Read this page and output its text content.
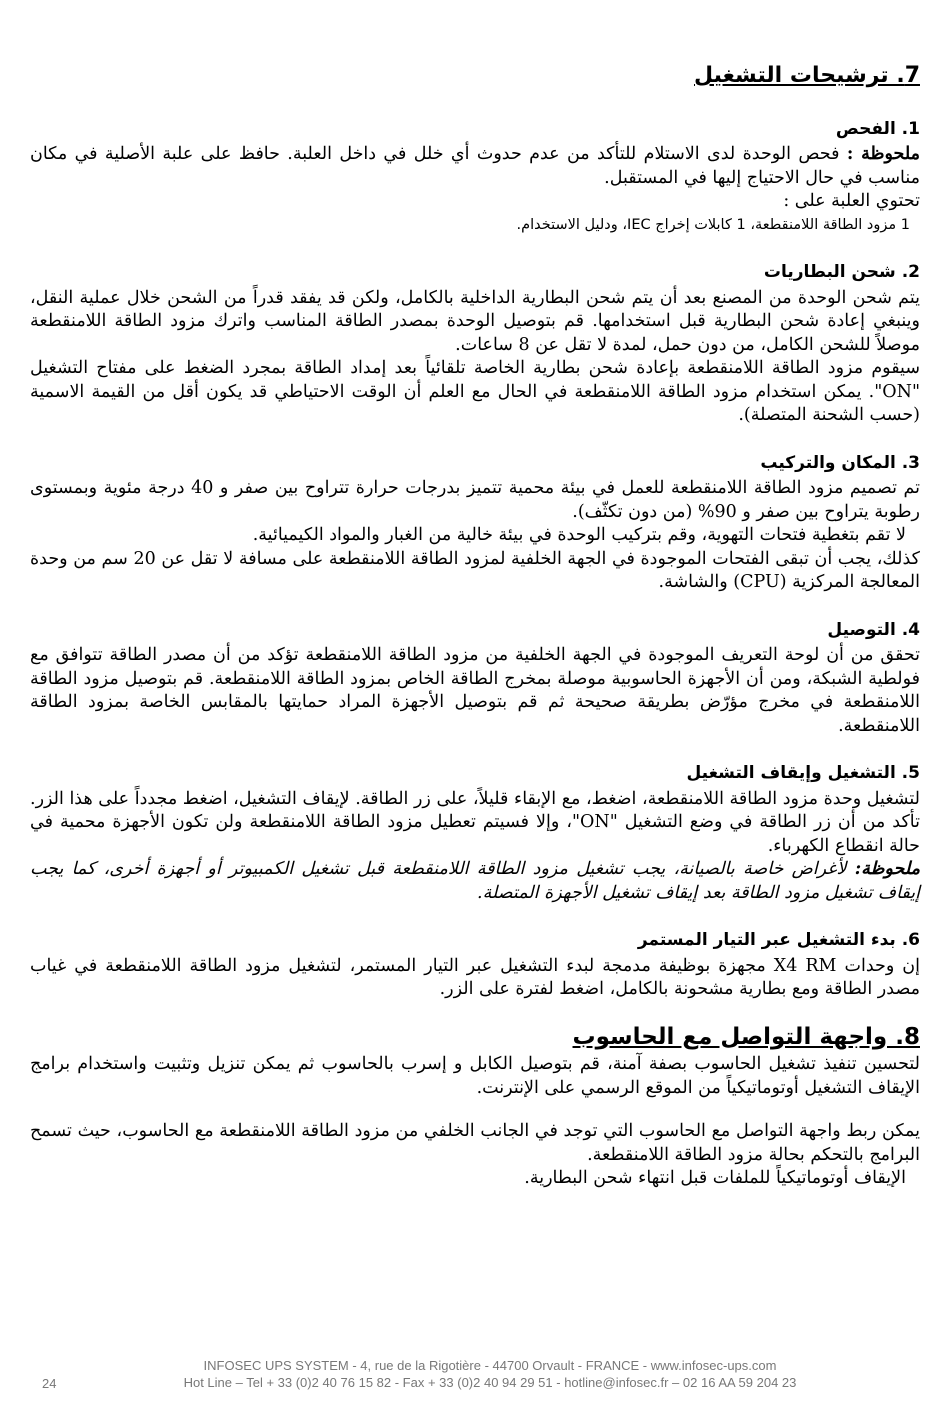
7. ترشيحات التشغيل
1. الفحص

ملحوظة : فحص الوحدة لدى الاستلام للتأكد من عدم حدوث أي خلل في داخل العلبة. حافظ على علبة الأصلية في مكان مناسب في حال الاحتياج إليها في المستقبل.

تحتوي العلبة على :

1 مزود الطاقة اللامنقطعة، 1 كابلات إخراج IEC، ودليل الاستخدام.

2. شحن البطاريات

يتم شحن الوحدة من المصنع بعد أن يتم شحن البطارية الداخلية بالكامل، ولكن قد يفقد قدراً من الشحن خلال عملية النقل، وينبغي إعادة شحن البطارية قبل استخدامها. قم بتوصيل الوحدة بمصدر الطاقة المناسب واترك مزود الطاقة اللامنقطعة موصلاً للشحن الكامل، من دون حمل، لمدة لا تقل عن 8 ساعات.

سيقوم مزود الطاقة اللامنقطعة بإعادة شحن بطارية الخاصة تلقائياً بعد إمداد الطاقة بمجرد الضغط على مفتاح التشغيل "ON". يمكن استخدام مزود الطاقة اللامنقطعة في الحال مع العلم أن الوقت الاحتياطي قد يكون أقل من القيمة الاسمية (حسب الشحنة المتصلة).

3. المكان والتركيب

تم تصميم مزود الطاقة اللامنقطعة للعمل في بيئة محمية تتميز بدرجات حرارة تتراوح بين صفر و 40 درجة مئوية وبمستوى رطوبة يتراوح بين صفر و 90% (من دون تكثّف).

لا تقم بتغطية فتحات التهوية، وقم بتركيب الوحدة في بيئة خالية من الغبار والمواد الكيميائية.

كذلك، يجب أن تبقى الفتحات الموجودة في الجهة الخلفية لمزود الطاقة اللامنقطعة على مسافة لا تقل عن 20 سم من وحدة المعالجة المركزية (CPU) والشاشة.

4. التوصيل

تحقق من أن لوحة التعريف الموجودة في الجهة الخلفية من مزود الطاقة اللامنقطعة تؤكد من أن مصدر الطاقة تتوافق مع فولطية الشبكة، ومن أن الأجهزة الحاسوبية موصلة بمخرج الطاقة الخاص بمزود الطاقة اللامنقطعة. قم بتوصيل مزود الطاقة اللامنقطعة في مخرج مؤرّض بطريقة صحيحة ثم قم بتوصيل الأجهزة المراد حمايتها بالمقابس الخاصة بمزود الطاقة اللامنقطعة.

5. التشغيل وإيقاف التشغيل

لتشغيل وحدة مزود الطاقة اللامنقطعة، اضغط، مع الإبقاء قليلاً، على زر الطاقة. لإيقاف التشغيل، اضغط مجدداً على هذا الزر. تأكد من أن زر الطاقة في وضع التشغيل "ON"، وإلا فسيتم تعطيل مزود الطاقة اللامنقطعة ولن تكون الأجهزة محمية في حالة انقطاع الكهرباء.

ملحوظة: لأغراض خاصة بالصيانة، يجب تشغيل مزود الطاقة اللامنقطعة قبل تشغيل الكمبيوتر أو أجهزة أخرى، كما يجب إيقاف تشغيل مزود الطاقة بعد إيقاف تشغيل الأجهزة المتصلة.

6. بدء التشغيل عبر التيار المستمر

إن وحدات X4 RM مجهزة بوظيفة مدمجة لبدء التشغيل عبر التيار المستمر، لتشغيل مزود الطاقة اللامنقطعة في غياب مصدر الطاقة ومع بطارية مشحونة بالكامل، اضغط لفترة على الزر.

8. واجهة التواصل مع الحاسوب

لتحسين تنفيذ تشغيل الحاسوب بصفة آمنة، قم بتوصيل الكابل و إسرب بالحاسوب ثم يمكن تنزيل وتثبيت واستخدام برامج الإيقاف التشغيل أوتوماتيكياً من الموقع الرسمي على الإنترنت.

يمكن ربط واجهة التواصل مع الحاسوب التي توجد في الجانب الخلفي من مزود الطاقة اللامنقطعة مع الحاسوب، حيث تسمح البرامج بالتحكم بحالة مزود الطاقة اللامنقطعة.

الإيقاف أوتوماتيكياً للملفات قبل انتهاء شحن البطارية.

INFOSEC UPS SYSTEM - 4, rue de la Rigotière - 44700 Orvault - FRANCE - www.infosec-ups.com
Hot Line – Tel + 33 (0)2 40 76 15 82 - Fax + 33 (0)2 40 94 29 51 - hotline@infosec.fr – 02 16 AA 59 204 23
24
